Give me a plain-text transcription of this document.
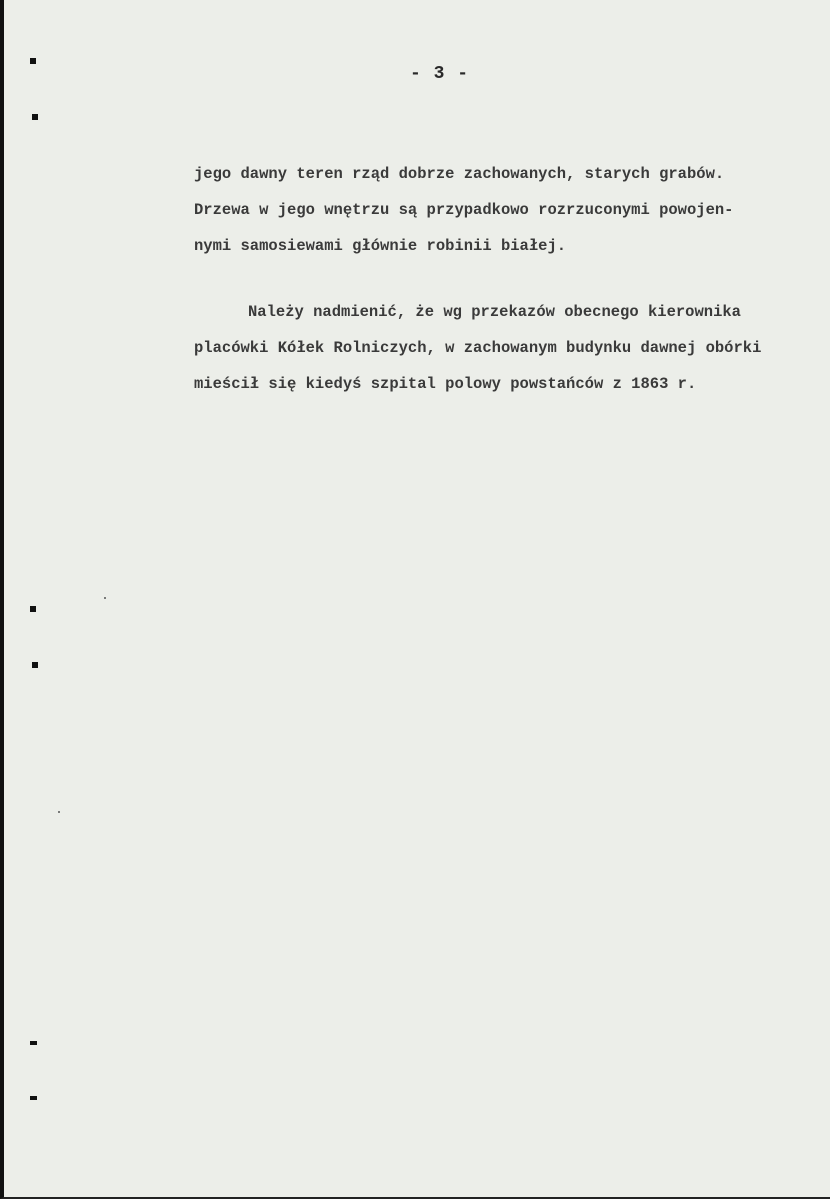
- 3 -
jego dawny teren rząd dobrze zachowanych, starych grabów.
Drzewa w jego wnętrzu są przypadkowo rozrzuconymi powojen-
nymi samosiewami głównie robinii białej.
Należy nadmienić, że wg przekazów obecnego kierownika
placówki Kółek Rolniczych, w zachowanym budynku dawnej obórki
mieścił się kiedyś szpital polowy powstańców z 1863 r.
